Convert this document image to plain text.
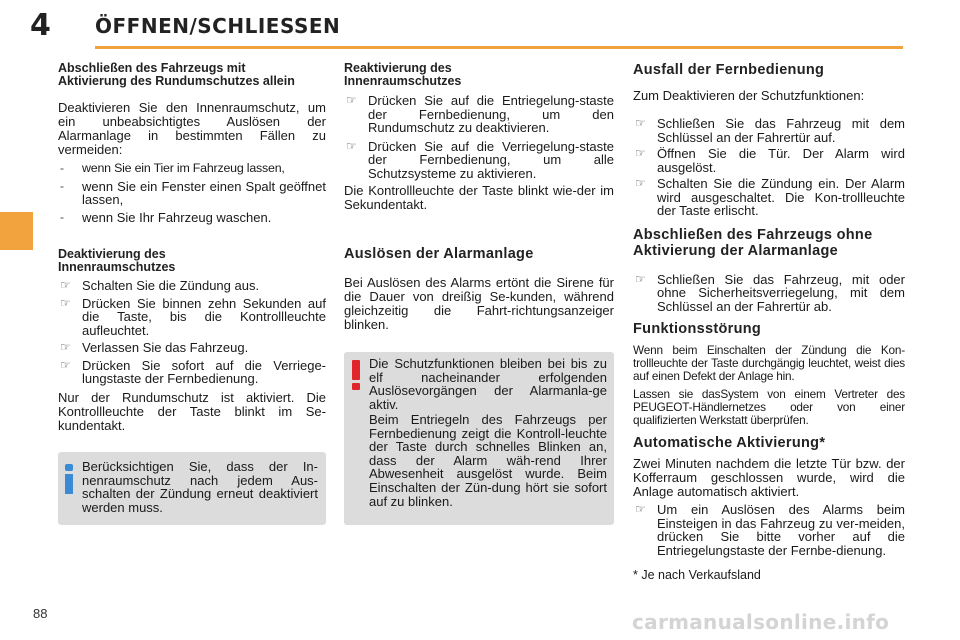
4 ÖFFNEN/SCHLIESSEN
Abschließen des Fahrzeugs mit
Aktivierung des Rundumschutzes allein
Deaktivieren Sie den Innenraumschutz, um ein unbeabsichtigtes Auslösen der Alarmanlage in bestimmten Fällen zu vermeiden:
- wenn Sie ein Tier im Fahrzeug lassen,
- wenn Sie ein Fenster einen Spalt geöffnet lassen,
- wenn Sie Ihr Fahrzeug waschen.
Deaktivierung des
Innenraumschutzes
☞ Schalten Sie die Zündung aus.
☞ Drücken Sie binnen zehn Sekunden auf die Taste, bis die Kontrollleuchte aufleuchtet.
☞ Verlassen Sie das Fahrzeug.
☞ Drücken Sie sofort auf die Verriege-lungstaste der Fernbedienung.
Nur der Rundumschutz ist aktiviert. Die Kontrollleuchte der Taste blinkt im Se-kundentakt.
Berücksichtigen Sie, dass der In-nenraumschutz nach jedem Aus-schalten der Zündung erneut deaktiviert werden muss.
Reaktivierung des
Innenraumschutzes
☞ Drücken Sie auf die Entriegelung-staste der Fernbedienung, um den Rundumschutz zu deaktivieren.
☞ Drücken Sie auf die Verriegelung-staste der Fernbedienung, um alle Schutzsysteme zu aktivieren.
Die Kontrollleuchte der Taste blinkt wie-der im Sekundentakt.
Auslösen der Alarmanlage
Bei Auslösen des Alarms ertönt die Sirene für die Dauer von dreißig Se-kunden, während gleichzeitig die Fahrt-richtungsanzeiger blinken.
Die Schutzfunktionen bleiben bei bis zu elf nacheinander erfolgenden Auslösevorgängen der Alarmanla-ge aktiv.
Beim Entriegeln des Fahrzeugs per Fernbedienung zeigt die Kontroll-leuchte der Taste durch schnelles Blinken an, dass der Alarm wäh-rend Ihrer Abwesenheit ausgelöst wurde. Beim Einschalten der Zün-dung hört sie sofort auf zu blinken.
Ausfall der Fernbedienung
Zum Deaktivieren der Schutzfunktionen:
☞ Schließen Sie das Fahrzeug mit dem Schlüssel an der Fahrertür auf.
☞ Öffnen Sie die Tür. Der Alarm wird ausgelöst.
☞ Schalten Sie die Zündung ein. Der Alarm wird ausgeschaltet. Die Kon-trollleuchte der Taste erlischt.
Abschließen des Fahrzeugs ohne
Aktivierung der Alarmanlage
☞ Schließen Sie das Fahrzeug, mit oder ohne Sicherheitsverriegelung, mit dem Schlüssel an der Fahrertür ab.
Funktionsstörung
Wenn beim Einschalten der Zündung die Kon-trollleuchte der Taste durchgängig leuchtet, weist dies auf einen Defekt der Anlage hin.
Lassen sie dasSystem von einem Vertreter des PEUGEOT-Händlernetzes oder von einer qualifizierten Werkstatt überprüfen.
Automatische Aktivierung*
Zwei Minuten nachdem die letzte Tür bzw. der Kofferraum geschlossen wurde, wird die Anlage automatisch aktiviert.
☞ Um ein Auslösen des Alarms beim Einsteigen in das Fahrzeug zu ver-meiden, drücken Sie bitte vorher auf die Entriegelungstaste der Fernbe-dienung.
* Je nach Verkaufsland
88	carmanualsonline.info
